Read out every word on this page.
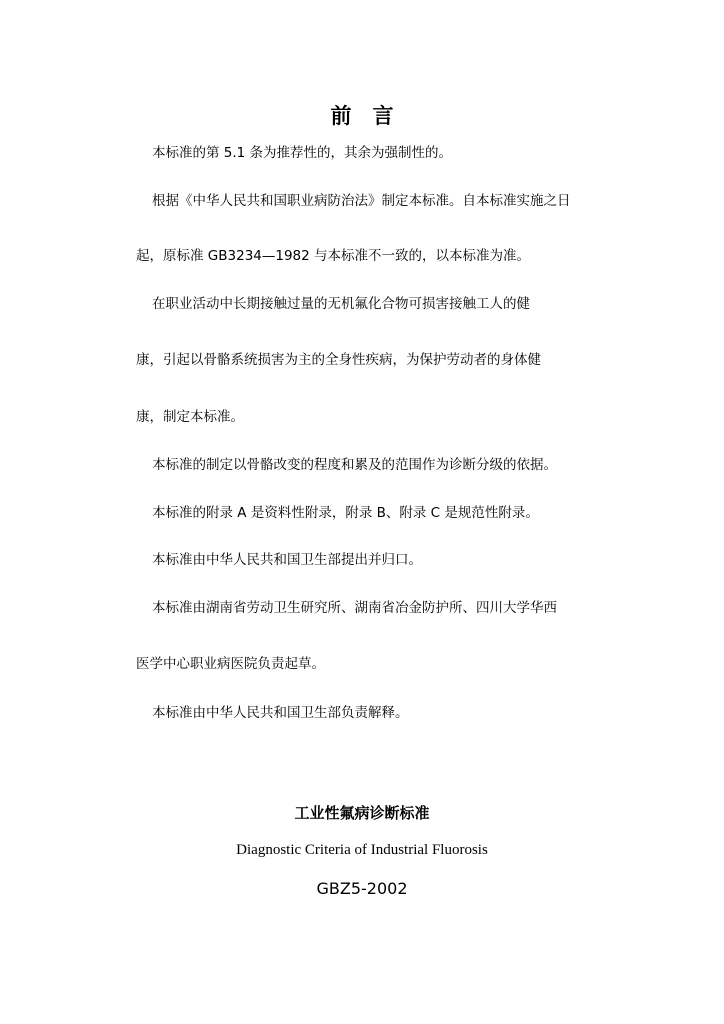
前　言
本标准的第 5.1 条为推荐性的，其余为强制性的。
根据《中华人民共和国职业病防治法》制定本标准。自本标准实施之日
起，原标准 GB3234—1982 与本标准不一致的，以本标准为准。
在职业活动中长期接触过量的无机氟化合物可损害接触工人的健
康，引起以骨骼系统损害为主的全身性疾病，为保护劳动者的身体健
康，制定本标准。
本标准的制定以骨骼改变的程度和累及的范围作为诊断分级的依据。
本标准的附录 A 是资料性附录，附录 B、附录 C 是规范性附录。
本标准由中华人民共和国卫生部提出并归口。
本标准由湖南省劳动卫生研究所、湖南省冶金防护所、四川大学华西
医学中心职业病医院负责起草。
本标准由中华人民共和国卫生部负责解释。
工业性氟病诊断标准
Diagnostic Criteria of Industrial Fluorosis
GBZ5-2002
